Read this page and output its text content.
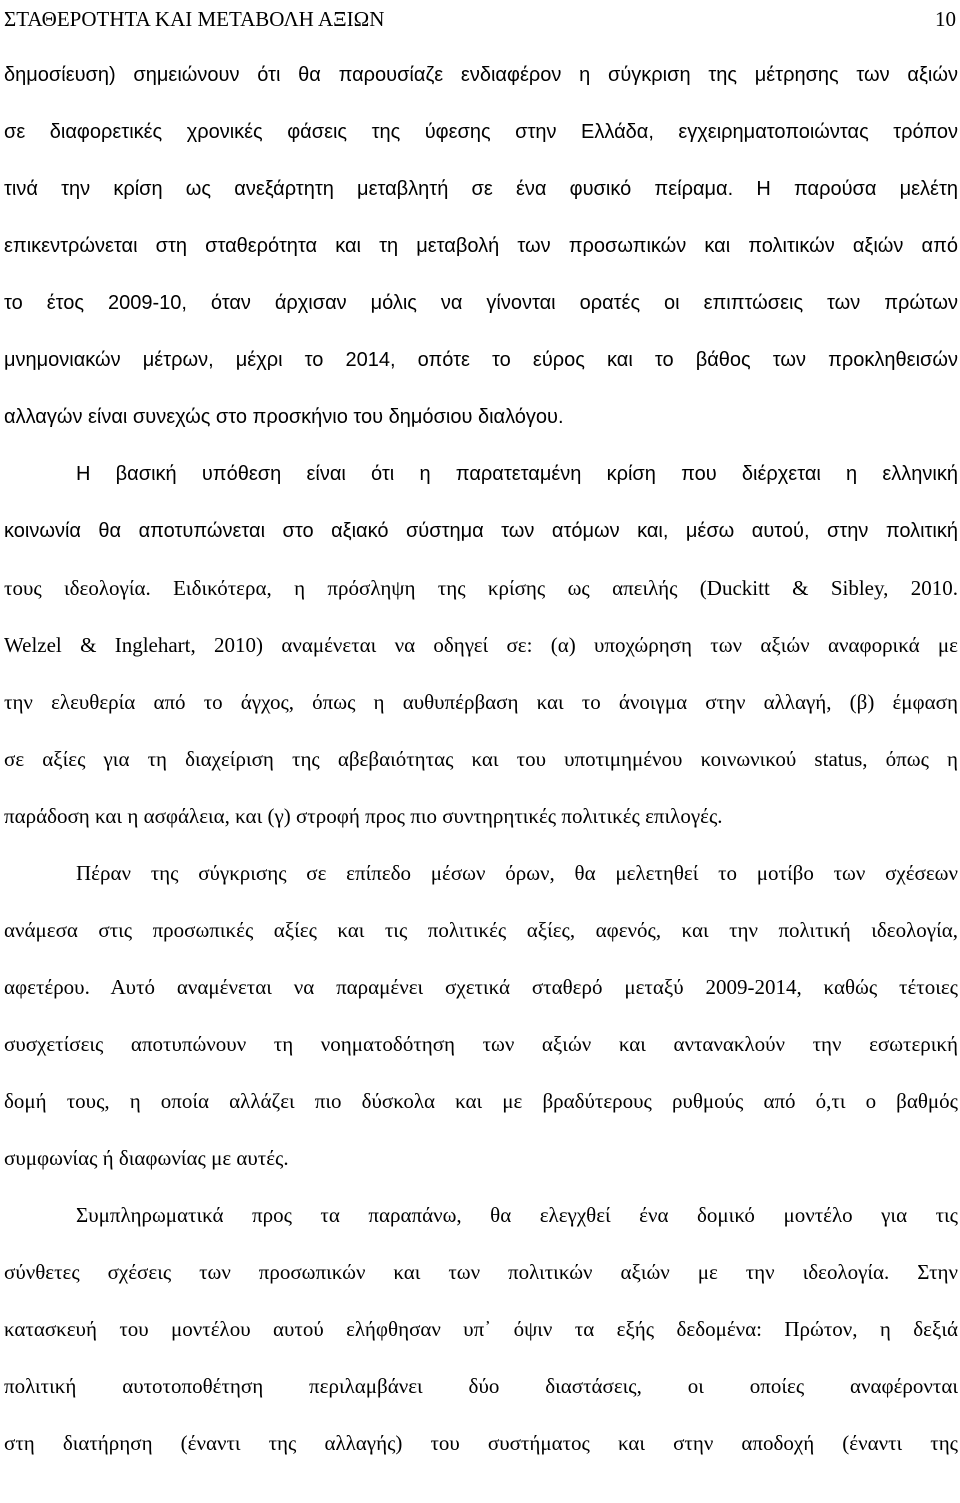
ΣΤΑΘΕΡΟΤΗΤΑ ΚΑΙ ΜΕΤΑΒΟΛΗ ΑΞΙΩΝ	10
δημοσίευση) σημειώνουν ότι θα παρουσίαζε ενδιαφέρον η σύγκριση της μέτρησης των αξιών
σε διαφορετικές χρονικές φάσεις της ύφεσης στην Ελλάδα, εγχειρηματοποιώντας τρόπον
τινά την κρίση ως ανεξάρτητη μεταβλητή σε ένα φυσικό πείραμα. Η παρούσα μελέτη
επικεντρώνεται στη σταθερότητα και τη μεταβολή των προσωπικών και πολιτικών αξιών από
το έτος 2009-10, όταν άρχισαν μόλις να γίνονται ορατές οι επιπτώσεις των πρώτων
μνημονιακών μέτρων, μέχρι το 2014, οπότε το εύρος και το βάθος των προκληθεισών
αλλαγών είναι συνεχώς στο προσκήνιο του δημόσιου διαλόγου.
Η βασική υπόθεση είναι ότι η παρατεταμένη κρίση που διέρχεται η ελληνική
κοινωνία θα αποτυπώνεται στο αξιακό σύστημα των ατόμων και, μέσω αυτού, στην πολιτική
τους ιδεολογία. Ειδικότερα, η πρόσληψη της κρίσης ως απειλής (Duckitt & Sibley, 2010.
Welzel & Inglehart, 2010) αναμένεται να οδηγεί σε: (α) υποχώρηση των αξιών αναφορικά με
την ελευθερία από το άγχος, όπως η αυθυπέρβαση και το άνοιγμα στην αλλαγή, (β) έμφαση
σε αξίες για τη διαχείριση της αβεβαιότητας και του υποτιμημένου κοινωνικού status, όπως η
παράδοση και η ασφάλεια, και (γ) στροφή προς πιο συντηρητικές πολιτικές επιλογές.
Πέραν της σύγκρισης σε επίπεδο μέσων όρων, θα μελετηθεί το μοτίβο των σχέσεων
ανάμεσα στις προσωπικές αξίες και τις πολιτικές αξίες, αφενός, και την πολιτική ιδεολογία,
αφετέρου. Αυτό αναμένεται να παραμένει σχετικά σταθερό μεταξύ 2009-2014, καθώς τέτοιες
συσχετίσεις αποτυπώνουν τη νοηματοδότηση των αξιών και αντανακλούν την εσωτερική
δομή τους, η οποία αλλάζει πιο δύσκολα και με βραδύτερους ρυθμούς από ό,τι ο βαθμός
συμφωνίας ή διαφωνίας με αυτές.
Συμπληρωματικά προς τα παραπάνω, θα ελεγχθεί ένα δομικό μοντέλο για τις
σύνθετες σχέσεις των προσωπικών και των πολιτικών αξιών με την ιδεολογία. Στην
κατασκευή του μοντέλου αυτού ελήφθησαν υπ᾽ όψιν τα εξής δεδομένα: Πρώτον, η δεξιά
πολιτική αυτοτοποθέτηση περιλαμβάνει δύο διαστάσεις, οι οποίες αναφέρονται
στη διατήρηση (έναντι της αλλαγής) του συστήματος και στην αποδοχή (έναντι της
